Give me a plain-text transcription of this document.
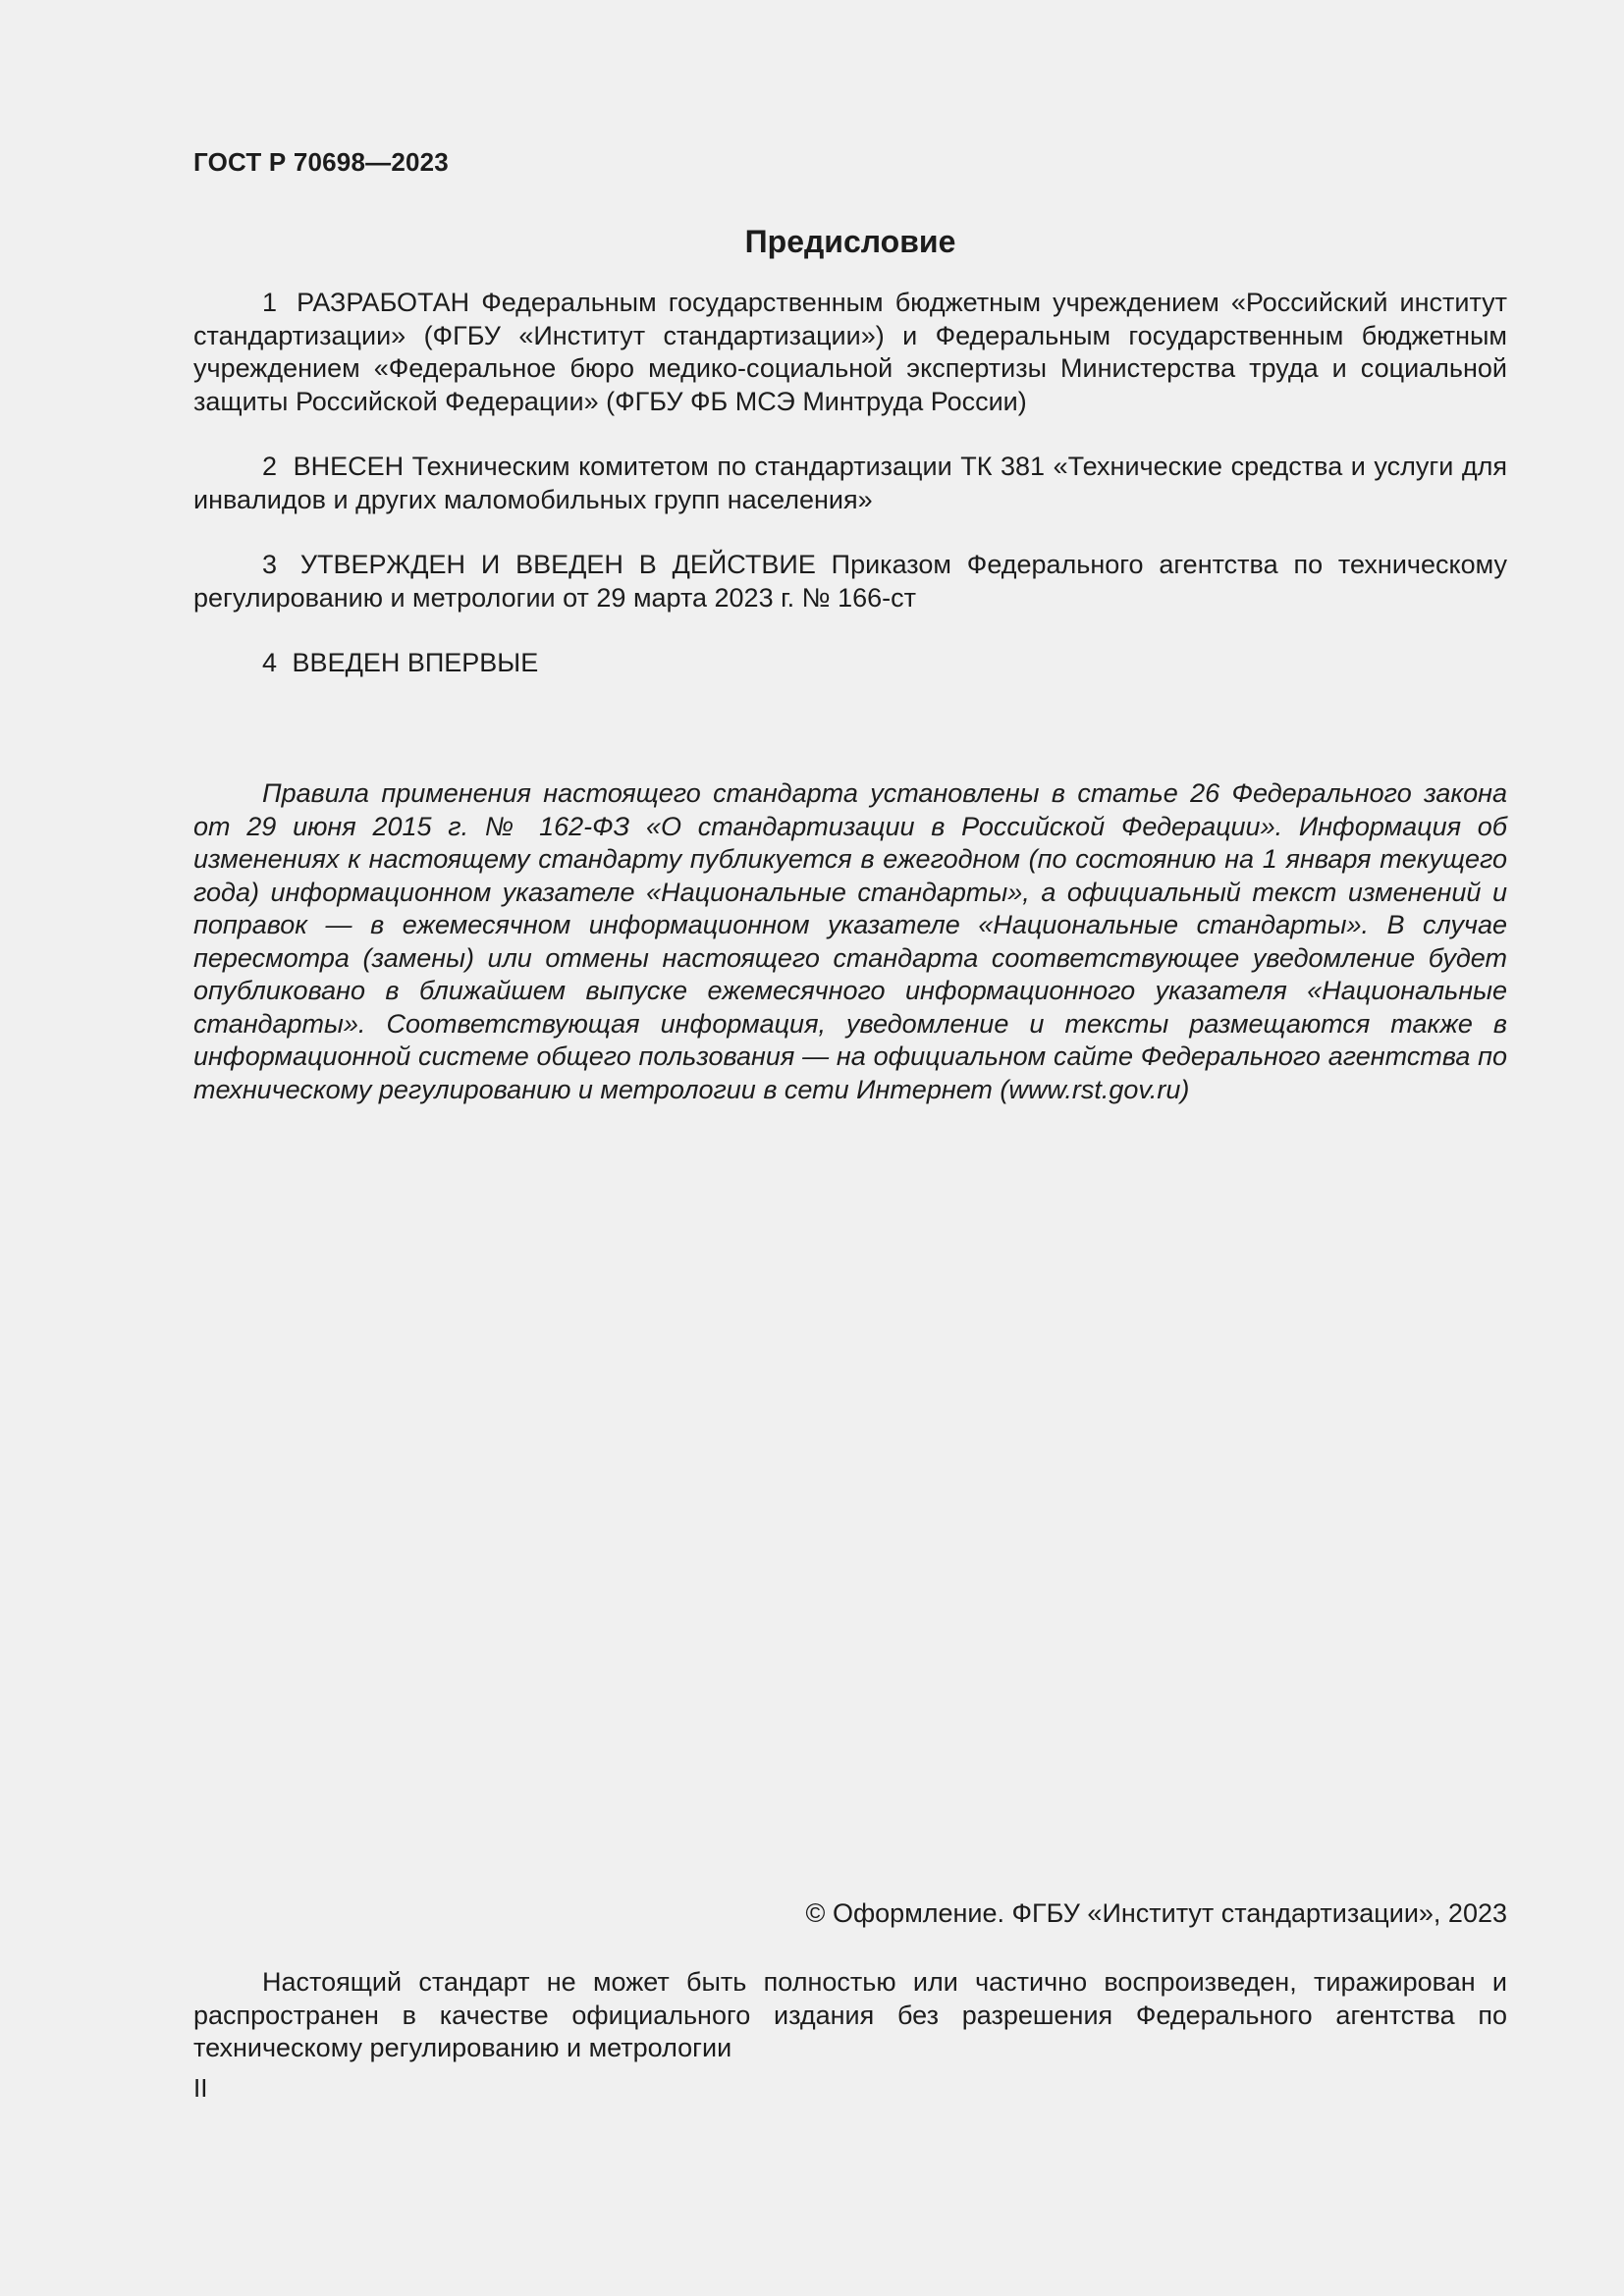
ГОСТ Р 70698—2023

Предисловие

1 РАЗРАБОТАН Федеральным государственным бюджетным учреждением «Российский институт стандартизации» (ФГБУ «Институт стандартизации») и Федеральным государственным бюджетным учреждением «Федеральное бюро медико-социальной экспертизы Министерства труда и социальной защиты Российской Федерации» (ФГБУ ФБ МСЭ Минтруда России)

2 ВНЕСЕН Техническим комитетом по стандартизации ТК 381 «Технические средства и услуги для инвалидов и других маломобильных групп населения»

3 УТВЕРЖДЕН И ВВЕДЕН В ДЕЙСТВИЕ Приказом Федерального агентства по техническому регулированию и метрологии от 29 марта 2023 г. № 166-ст

4 ВВЕДЕН ВПЕРВЫЕ

Правила применения настоящего стандарта установлены в статье 26 Федерального закона от 29 июня 2015 г. № 162-ФЗ «О стандартизации в Российской Федерации». Информация об изменениях к настоящему стандарту публикуется в ежегодном (по состоянию на 1 января текущего года) информационном указателе «Национальные стандарты», а официальный текст изменений и поправок — в ежемесячном информационном указателе «Национальные стандарты». В случае пересмотра (замены) или отмены настоящего стандарта соответствующее уведомление будет опубликовано в ближайшем выпуске ежемесячного информационного указателя «Национальные стандарты». Соответствующая информация, уведомление и тексты размещаются также в информационной системе общего пользования — на официальном сайте Федерального агентства по техническому регулированию и метрологии в сети Интернет (www.rst.gov.ru)

© Оформление. ФГБУ «Институт стандартизации», 2023

Настоящий стандарт не может быть полностью или частично воспроизведен, тиражирован и распространен в качестве официального издания без разрешения Федерального агентства по техническому регулированию и метрологии

II
